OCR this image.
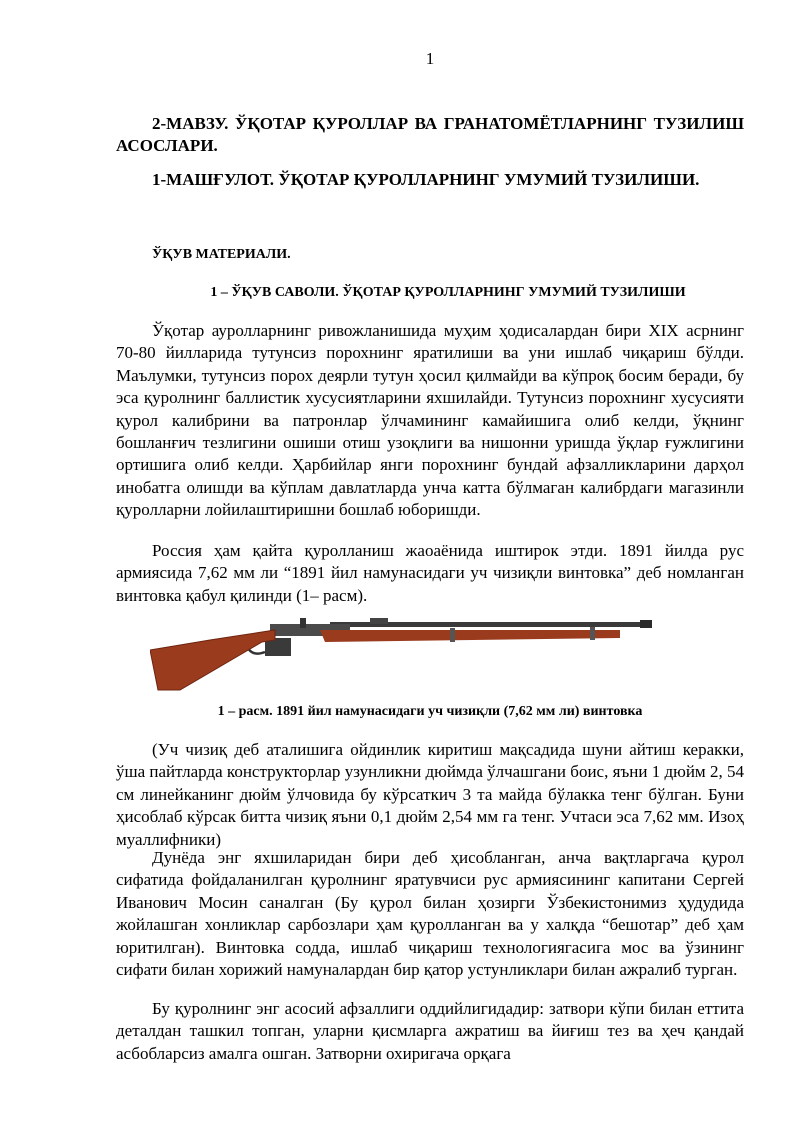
1
2-МАВЗУ. ЎҚОТАР ҚУРОЛЛАР ВА ГРАНАТОМЁТЛАРНИНГ ТУЗИЛИШ АСОСЛАРИ.
1-МАШҒУЛОТ. ЎҚОТАР ҚУРОЛЛАРНИНГ УМУМИЙ ТУЗИЛИШИ.
ЎҚУВ МАТЕРИАЛИ.
1 – ЎҚУВ САВОЛИ. ЎҚОТАР ҚУРОЛЛАРНИНГ УМУМИЙ ТУЗИЛИШИ

Ўқотар ауролларнинг ривожланишида муҳим ҳодисалардан бири XIX асрнинг 70-80 йилларида тутунсиз порохнинг яратилиши ва уни ишлаб чиқариш бўлди. Маълумки, тутунсиз порох деярли тутун ҳосил қилмайди ва кўпроқ босим беради, бу эса қуролнинг баллистик хусусиятларини яхшилайди. Тутунсиз порохнинг хусусияти қурол калибрини ва патронлар ўлчамининг камайишига олиб келди, ўқнинг бошланғич тезлигини ошиши отиш узоқлиги ва нишонни уришда ўқлар ғужлигини ортишига олиб келди. Ҳарбийлар янги порохнинг бундай афзалликларини дарҳол инобатга олишди ва кўплам давлатларда унча катта бўлмаган калибрдаги магазинли қуролларни лойилаштиришни бошлаб юборишди.

Россия ҳам қайта қуролланиш жаоаёнида иштирок этди. 1891 йилда рус армиясида 7,62 мм ли “1891 йил намунасидаги уч чизиқли винтовка” деб номланган винтовка қабул қилинди (1– расм).

1 – расм. 1891 йил намунасидаги уч чизиқли (7,62 мм ли) винтовка

(Уч чизиқ деб аталишига ойдинлик киритиш мақсадида шуни айтиш керакки, ўша пайтларда конструкторлар узунликни дюймда ўлчашгани боис, яъни 1 дюйм 2, 54 см линейканинг дюйм ўлчовида бу кўрсаткич 3 та майда бўлакка тенг бўлган. Буни ҳисоблаб кўрсак битта чизиқ яъни 0,1 дюйм 2,54 мм га тенг. Учтаси эса 7,62 мм. Изоҳ муаллифники)

Дунёда энг яхшиларидан бири деб ҳисобланган, анча вақтларгача қурол сифатида фойдаланилган қуролнинг яратувчиси рус армиясининг капитани Сергей Иванович Мосин саналган (Бу қурол билан ҳозирги Ўзбекистонимиз ҳудудида жойлашган хонликлар сарбозлари ҳам қуролланган ва у халқда “бешотар” деб ҳам юритилган). Винтовка содда, ишлаб чиқариш технологиягасига мос ва ўзининг сифати билан хорижий намуналардан бир қатор устунликлари билан ажралиб турган.

Бу қуролнинг энг асосий афзаллиги оддийлигидадир: затвори кўпи билан еттита деталдан ташкил топган, уларни қисмларга ажратиш ва йиғиш тез ва ҳеч қандай асбобларсиз амалга ошган. Затворни охиригача орқага
